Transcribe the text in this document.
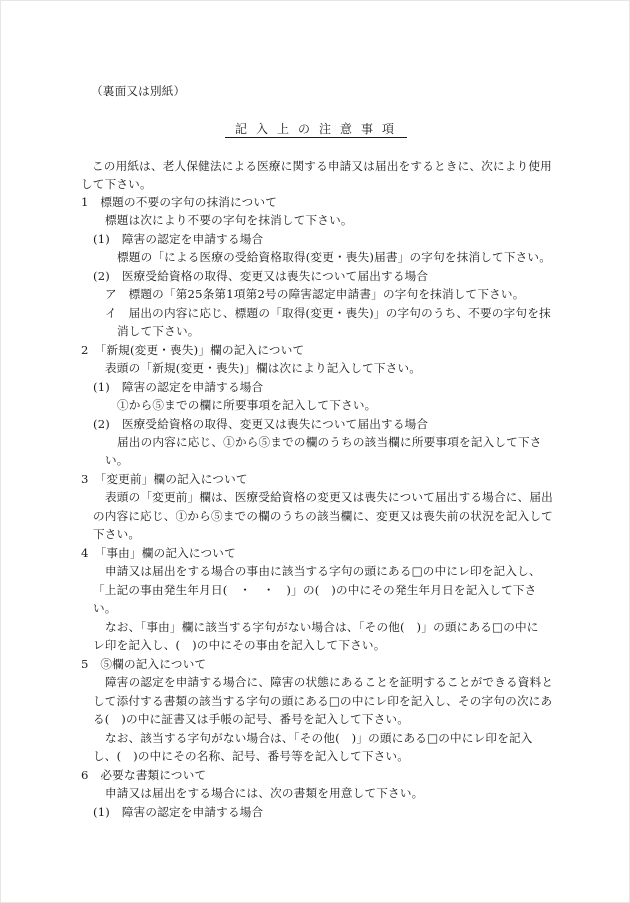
（裏面又は別紙）
記入上の注意事項
この用紙は、老人保健法による医療に関する申請又は届出をするときに、次により使用
して下さい。
1　標題の不要の字句の抹消について
標題は次により不要の字句を抹消して下さい。
(1)　障害の認定を申請する場合
標題の「による医療の受給資格取得(変更・喪失)届書」の字句を抹消して下さい。
(2)　医療受給資格の取得、変更又は喪失について届出する場合
ア　標題の「第25条第1項第2号の障害認定申請書」の字句を抹消して下さい。
イ　届出の内容に応じ、標題の「取得(変更・喪失)」の字句のうち、不要の字句を抹
消して下さい。
2　「新規(変更・喪失)」欄の記入について
表頭の「新規(変更・喪失)」欄は次により記入して下さい。
(1)　障害の認定を申請する場合
①から⑤までの欄に所要事項を記入して下さい。
(2)　医療受給資格の取得、変更又は喪失について届出する場合
届出の内容に応じ、①から⑤までの欄のうちの該当欄に所要事項を記入して下さ
い。
3　「変更前」欄の記入について
表頭の「変更前」欄は、医療受給資格の変更又は喪失について届出する場合に、届出
の内容に応じ、①から⑤までの欄のうちの該当欄に、変更又は喪失前の状況を記入して
下さい。
4　「事由」欄の記入について
申請又は届出をする場合の事由に該当する字句の頭にある□の中にレ印を記入し、
「上記の事由発生年月日(　・　・　)」の(　)の中にその発生年月日を記入して下さ
い。
なお、「事由」欄に該当する字句がない場合は、「その他(　)」の頭にある□の中に
レ印を記入し、(　)の中にその事由を記入して下さい。
5　⑤欄の記入について
障害の認定を申請する場合に、障害の状態にあることを証明することができる資料と
して添付する書類の該当する字句の頭にある□の中にレ印を記入し、その字句の次にあ
る(　)の中に証書又は手帳の記号、番号を記入して下さい。
なお、該当する字句がない場合は、「その他(　)」の頭にある□の中にレ印を記入
し、(　)の中にその名称、記号、番号等を記入して下さい。
6　必要な書類について
申請又は届出をする場合には、次の書類を用意して下さい。
(1)　障害の認定を申請する場合
